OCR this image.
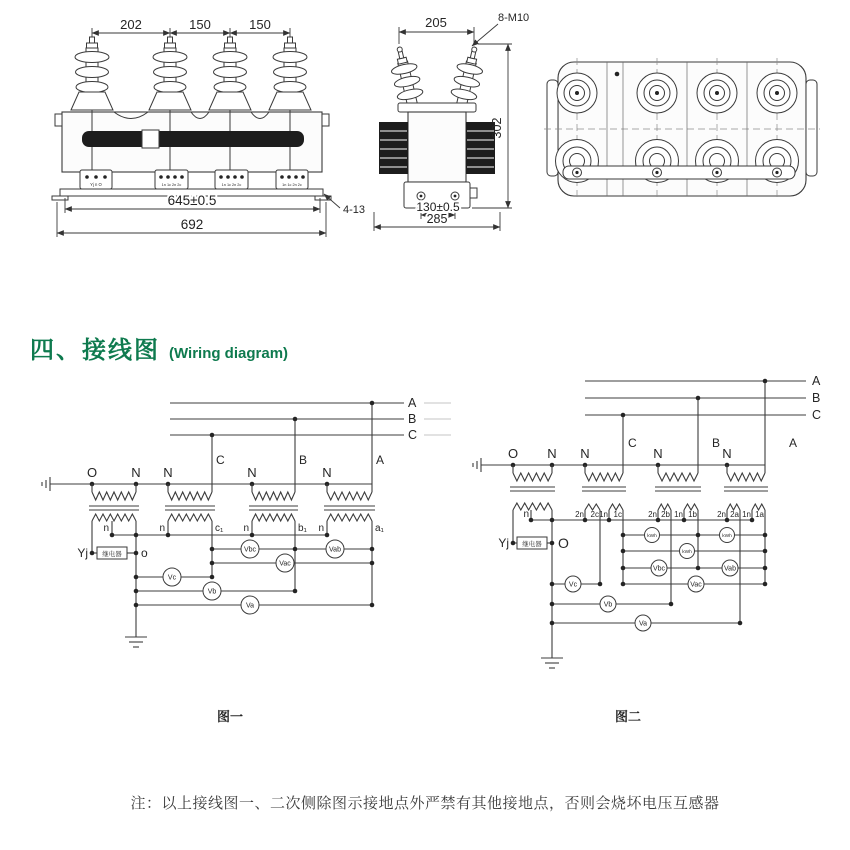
202	150	150
Yj n O	1n 1c 2n 2c	1n 1c 2n 2c	1n 1c 2n 2c
645±0.5
692
4-13
205	8-M10
302
130±0.5
285
四、接线图 (Wiring diagram)
A
B
C
C	B	A
O	N N	N	N
n	n	c₁ n	b₁ n	a₁
继电器
Yj	o	Vbc	Vab
Vac
Vc
Vb
Va
图一
A
B
C
C	B	A
O N N	N	N
n	2n 2c 1n 1c	2n 2b 1n 1b	2n 2a 1n 1a
继电器
Yj	O	kWh	kWh
kWh
Vbc	Vab
Vac
Vc
Vb
Va
图二
注：以上接线图一、二次侧除图示接地点外严禁有其他接地点，否则会烧坏电压互感器
